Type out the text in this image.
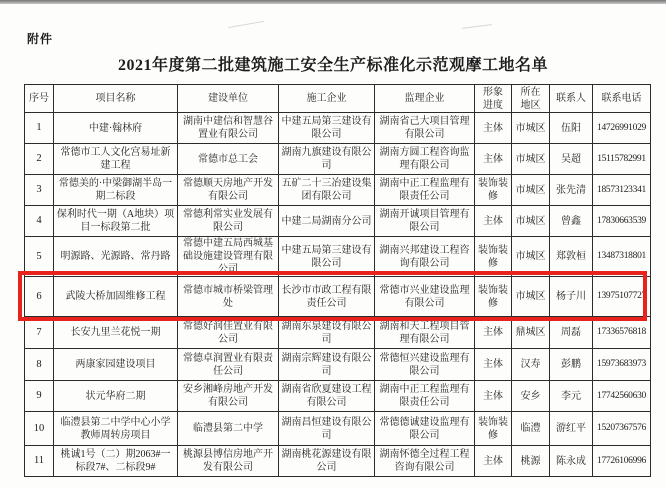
附件
2021年度第二批建筑施工安全生产标准化示范观摩工地名单
序号	项目名称	建设单位	施工企业	监理企业	形象进度	所在地区	联系人	联系电话
1	中建·翰林府	湖南中建信和智慧谷置业有限公司	中建五局第三建设有限公司	湖南省己大项目管理有限公司	主体	市城区	伍阳	14726991029
2	常德市工人文化宫易址新建工程	常德市总工会	湖南九旗建设有限公司	湖南方圆工程咨询监理有限公司	主体	市城区	吴超	15115782991
3	常德美的·中梁御湖半岛一期二标段	常德顺天房地产开发有限公司	五矿二十三冶建设集团有限公司	湖南中正工程监理有限责任公司	装饰装修	市城区	张先清	18573123341
4	保利时代一期（A地块）项目一标段第二批	常德利常实业发展有限公司	中建二局湖南分公司	湖南开诚项目管理有限公司	主体	市城区	曾鑫	17830663539
5	明源路、光源路、常丹路	常德中建五局西城基础设施建设管理有限公司	中建五局第三建设有限公司	湖南兴邦建设工程咨询有限公司	装饰装修	市城区	郑敦桓	13487318801
6	武陵大桥加固维修工程	常德市城市桥梁管理处	长沙市市政工程有限责任公司	常德市兴业建设监理有限公司	装饰装修	市城区	杨子川	13975107727
7	长安九里兰花悦一期	常德好润佳置业有限公司	湖南东泉建设有限公司	湖南和天工程项目管理有限公司	主体	鼎城区	周磊	17336576818
8	两康家园建设项目	常德卓润置业有限责任公司	湖南宗辉建设有限公司	常德恒兴建设监理有限公司	主体	汉寿	彭鹏	15973683973
9	状元华府二期	安乡湘峰房地产开发有限公司	湖南省欣夏建设工程有限公司	湖南中正工程监理有限责任公司	主体	安乡	李元	17742560630
10	临澧县第二中学中心小学教师周转房项目	临澧县第二中学	湖南昌恒建设有限公司	常德德诚建设监理有限公司	装饰装修	临澧	游红平	15207367576
11	桃诚1号（二）期2063#一标段7#、二标段9#	桃源县博信房地产开发有限公司	湖南桃花源建设有限公司	湖南怀德全过程工程咨询有限公司	主体	桃源	陈永成	17726106996
